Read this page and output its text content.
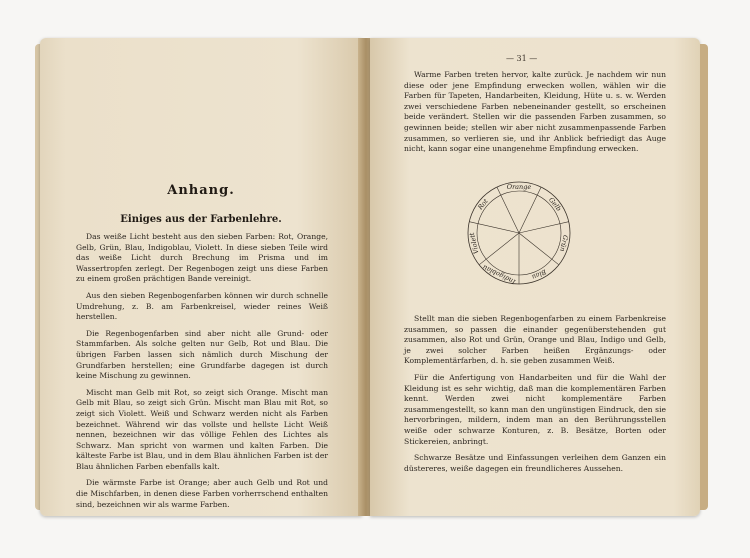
Anhang.
Einiges aus der Farbenlehre.

Das weiße Licht besteht aus den sieben Farben: Rot, Orange, Gelb, Grün, Blau, Indigoblau, Violett. In diese sieben Teile wird das weiße Licht durch Brechung im Prisma und im Wassertropfen zerlegt. Der Regenbogen zeigt uns diese Farben zu einem großen prächtigen Bande vereinigt.

Aus den sieben Regenbogenfarben können wir durch schnelle Umdrehung, z. B. am Farbenkreisel, wieder reines Weiß herstellen.

Die Regenbogenfarben sind aber nicht alle Grund- oder Stammfarben. Als solche gelten nur Gelb, Rot und Blau. Die übrigen Farben lassen sich nämlich durch Mischung der Grundfarben herstellen; eine Grundfarbe dagegen ist durch keine Mischung zu gewinnen.

Mischt man Gelb mit Rot, so zeigt sich Orange. Mischt man Gelb mit Blau, so zeigt sich Grün. Mischt man Blau mit Rot, so zeigt sich Violett. Weiß und Schwarz werden nicht als Farben bezeichnet. Während wir das vollste und hellste Licht Weiß nennen, bezeichnen wir das völlige Fehlen des Lichtes als Schwarz. Man spricht von warmen und kalten Farben. Die kälteste Farbe ist Blau, und in dem Blau ähnlichen Farben ist der Blau ähnlichen Farben ebenfalls kalt.

Die wärmste Farbe ist Orange; aber auch Gelb und Rot und die Mischfarben, in denen diese Farben vorherrschend enthalten sind, bezeichnen wir als warme Farben.

— 31 —

Warme Farben treten hervor, kalte zurück. Je nachdem wir nun diese oder jene Empfindung erwecken wollen, wählen wir die Farben für Tapeten, Handarbeiten, Kleidung, Hüte u. s. w. Werden zwei verschiedene Farben nebeneinander gestellt, so erscheinen beide verändert. Stellen wir die passenden Farben zusammen, so gewinnen beide; stellen wir aber nicht zusammenpassende Farben zusammen, so verlieren sie, und ihr Anblick befriedigt das Auge nicht, kann sogar eine unangenehme Empfindung erwecken.

Rot
Orange
Gelb
Grün
Blau
Indigoblau
Violett

Stellt man die sieben Regenbogenfarben zu einem Farbenkreise zusammen, so passen die einander gegenüberstehenden gut zusammen, also Rot und Grün, Orange und Blau, Indigo und Gelb, je zwei solcher Farben heißen Ergänzungs- oder Komplementärfarben, d. h. sie geben zusammen Weiß.

Für die Anfertigung von Handarbeiten und für die Wahl der Kleidung ist es sehr wichtig, daß man die komplementären Farben kennt. Werden zwei nicht komplementäre Farben zusammengestellt, so kann man den ungünstigen Eindruck, den sie hervorbringen, mildern, indem man an den Berührungsstellen weiße oder schwarze Konturen, z. B. Besätze, Borten oder Stickereien, anbringt.

Schwarze Besätze und Einfassungen verleihen dem Ganzen ein düstereres, weiße dagegen ein freundlicheres Aussehen.
